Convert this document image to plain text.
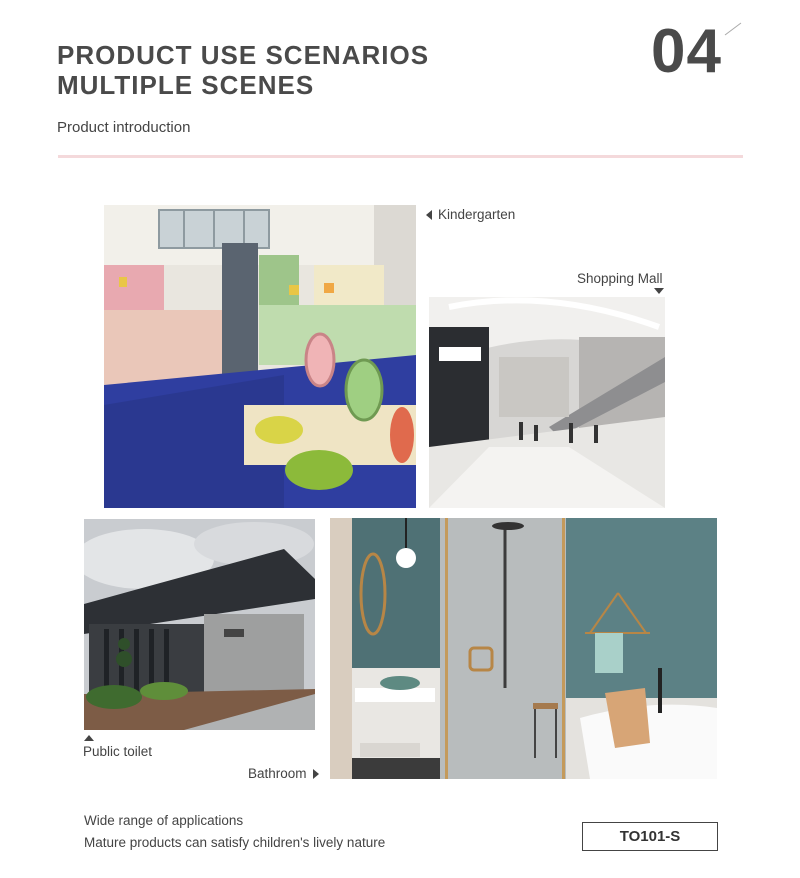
PRODUCT USE SCENARIOS
MULTIPLE SCENES	04
Product introduction
Kindergarten
Shopping Mall
Public toilet
Bathroom
Wide range of applications
Mature products can satisfy children's lively nature	TO101-S
